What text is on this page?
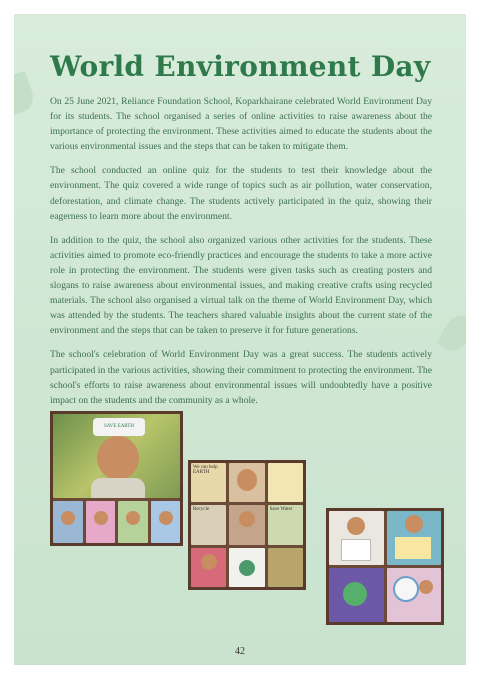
World Environment Day

On 25 June 2021, Reliance Foundation School, Koparkhairane celebrated World Environment Day for its students. The school organised a series of online activities to raise awareness about the importance of protecting the environment. These activities aimed to educate the students about the various environmental issues and the steps that can be taken to mitigate them.

The school conducted an online quiz for the students to test their knowledge about the environment. The quiz covered a wide range of topics such as air pollution, water conservation, deforestation, and climate change. The students actively participated in the quiz, showing their eagerness to learn more about the environment.

In addition to the quiz, the school also organized various other activities for the students. These activities aimed to promote eco-friendly practices and encourage the students to take a more active role in protecting the environment. The students were given tasks such as creating posters and slogans to raise awareness about environmental issues, and making creative crafts using recycled materials. The school also organised a virtual talk on the theme of World Environment Day, which was attended by the students. The teachers shared valuable insights about the current state of the environment and the steps that can be taken to preserve it for future generations.

The school's celebration of World Environment Day was a great success. The students actively participated in the various activities, showing their commitment to protecting the environment. The school's efforts to raise awareness about environmental issues will undoubtedly have a positive impact on the students and the community as a whole.

SAVE EARTH
We can help EARTH
Recycle	Save Water
42
